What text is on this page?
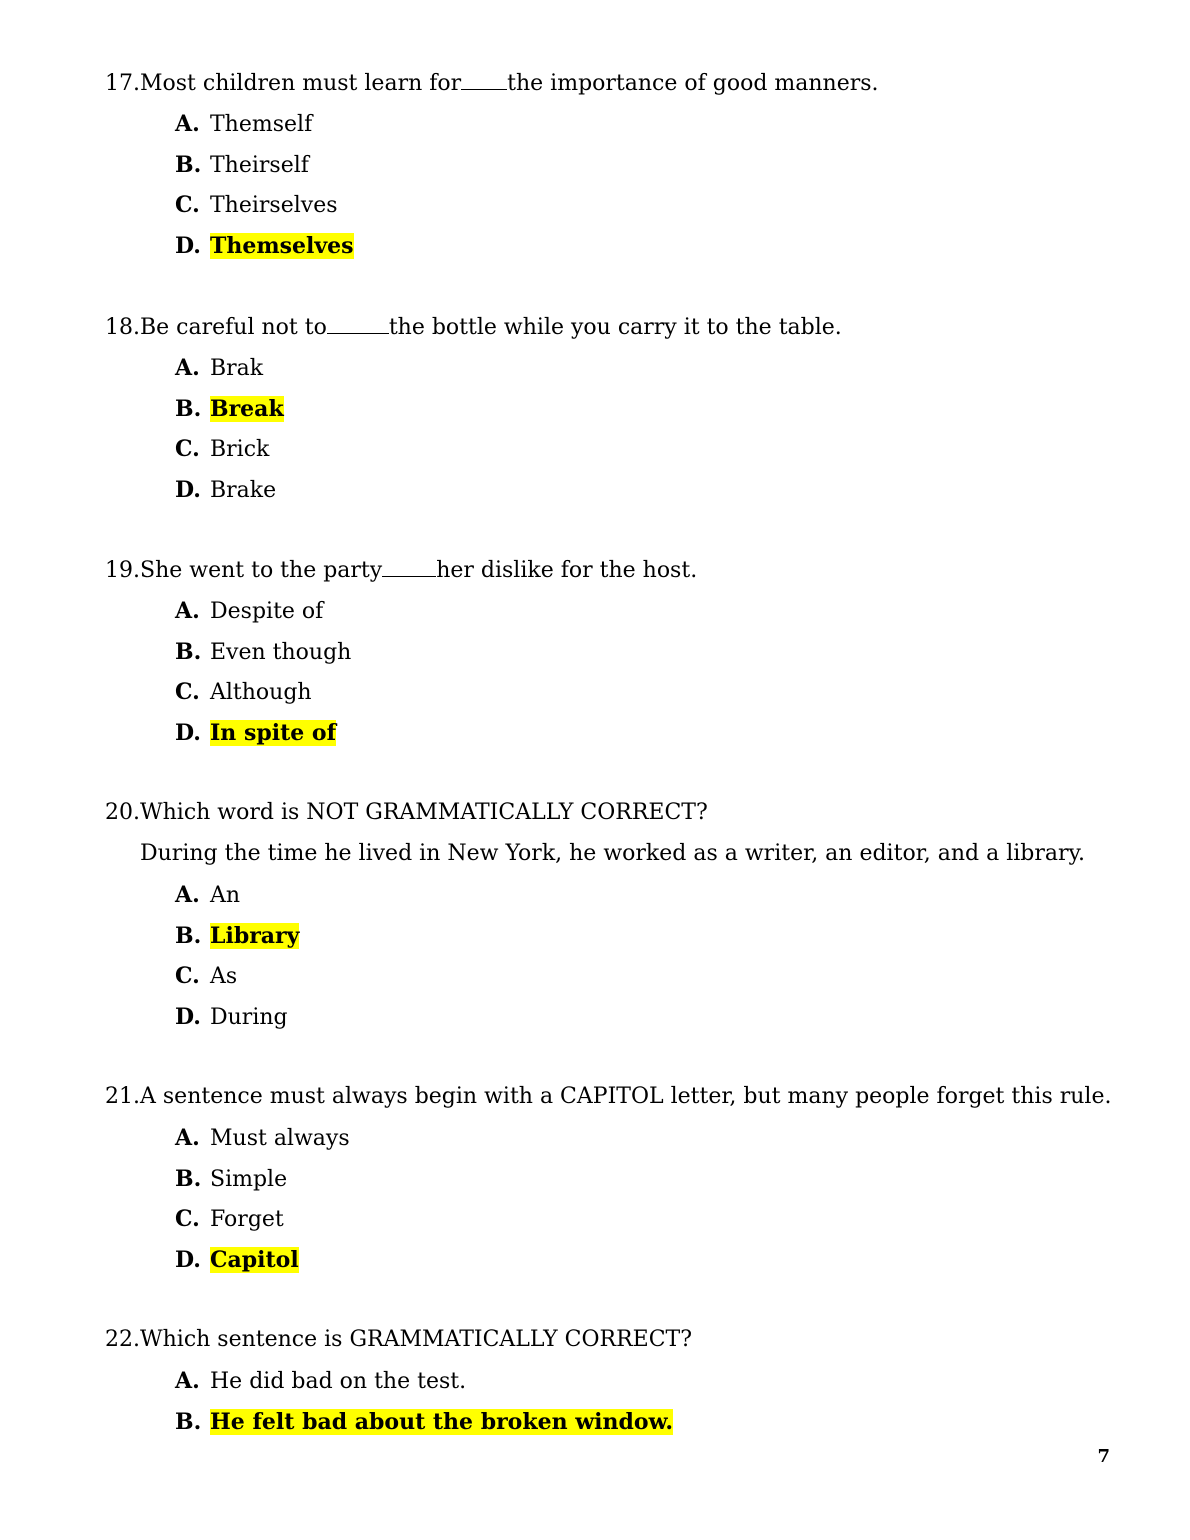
17.Most children must learn for the importance of good manners.
A. Themself
B. Theirself
C. Theirselves
D. Themselves
18.Be careful not to	the bottle while you carry it to the table.
A. Brak
B. Break
C. Brick
D. Brake
19.She went to the party her dislike for the host.
A. Despite of
B. Even though
C. Although
D. In spite of
20.Which word is NOT GRAMMATICALLY CORRECT?
During the time he lived in New York, he worked as a writer, an editor, and a library.
A. An
B. Library
C. As
D. During
21.A sentence must always begin with a CAPITOL letter, but many people forget this rule.
A. Must always
B. Simple
C. Forget
D. Capitol
22.Which sentence is GRAMMATICALLY CORRECT?
A. He did bad on the test.
B. He felt bad about the broken window.
7
